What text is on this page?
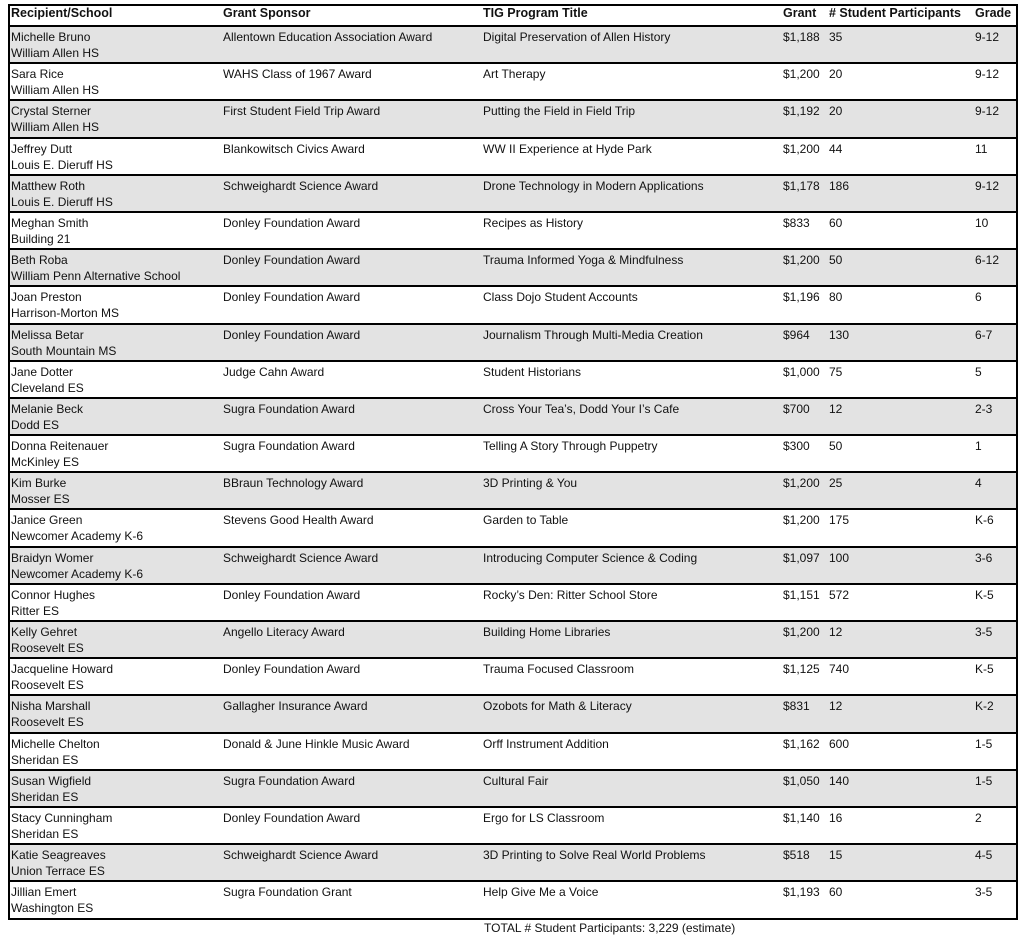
Recipient/School	Grant Sponsor	TIG Program Title	Grant	# Student Participants	Grade

Michelle Bruno
William Allen HS	Allentown Education Association Award	Digital Preservation of Allen History	$1,188	35	9-12

Sara Rice
William Allen HS	WAHS Class of 1967 Award	Art Therapy	$1,200	20	9-12

Crystal Sterner
William Allen HS	First Student Field Trip Award	Putting the Field in Field Trip	$1,192	20	9-12

Jeffrey Dutt
Louis E. Dieruff HS	Blankowitsch Civics Award	WW II Experience at Hyde Park	$1,200	44	11

Matthew Roth
Louis E. Dieruff HS	Schweighardt Science Award	Drone Technology in Modern Applications	$1,178	186	9-12

Meghan Smith
Building 21	Donley Foundation Award	Recipes as History	$833	60	10

Beth Roba
William Penn Alternative School	Donley Foundation Award	Trauma Informed Yoga & Mindfulness	$1,200	50	6-12

Joan Preston
Harrison-Morton MS	Donley Foundation Award	Class Dojo Student Accounts	$1,196	80	6

Melissa Betar
South Mountain MS	Donley Foundation Award	Journalism Through Multi-Media Creation	$964	130	6-7

Jane Dotter
Cleveland ES	Judge Cahn Award	Student Historians	$1,000	75	5

Melanie Beck
Dodd ES	Sugra Foundation Award	Cross Your Tea’s, Dodd Your I’s Cafe	$700	12	2-3

Donna Reitenauer
McKinley ES	Sugra Foundation Award	Telling A Story Through Puppetry	$300	50	1

Kim Burke
Mosser ES	BBraun Technology Award	3D Printing & You	$1,200	25	4

Janice Green
Newcomer Academy K-6	Stevens Good Health Award	Garden to Table	$1,200	175	K-6

Braidyn Womer
Newcomer Academy K-6	Schweighardt Science Award	Introducing Computer Science & Coding	$1,097	100	3-6

Connor Hughes
Ritter ES	Donley Foundation Award	Rocky’s Den: Ritter School Store	$1,151	572	K-5

Kelly Gehret
Roosevelt ES	Angello Literacy Award	Building Home Libraries	$1,200	12	3-5

Jacqueline Howard
Roosevelt ES	Donley Foundation Award	Trauma Focused Classroom	$1,125	740	K-5

Nisha Marshall
Roosevelt ES	Gallagher Insurance Award	Ozobots for Math & Literacy	$831	12	K-2

Michelle Chelton
Sheridan ES	Donald & June Hinkle Music Award	Orff Instrument Addition	$1,162	600	1-5

Susan Wigfield
Sheridan ES	Sugra Foundation Award	Cultural Fair	$1,050	140	1-5

Stacy Cunningham
Sheridan ES	Donley Foundation Award	Ergo for LS Classroom	$1,140	16	2

Katie Seagreaves
Union Terrace ES	Schweighardt Science Award	3D Printing to Solve Real World Problems	$518	15	4-5

Jillian Emert
Washington ES	Sugra Foundation Grant	Help Give Me a Voice	$1,193	60	3-5
TOTAL # Student Participants: 3,229 (estimate)
